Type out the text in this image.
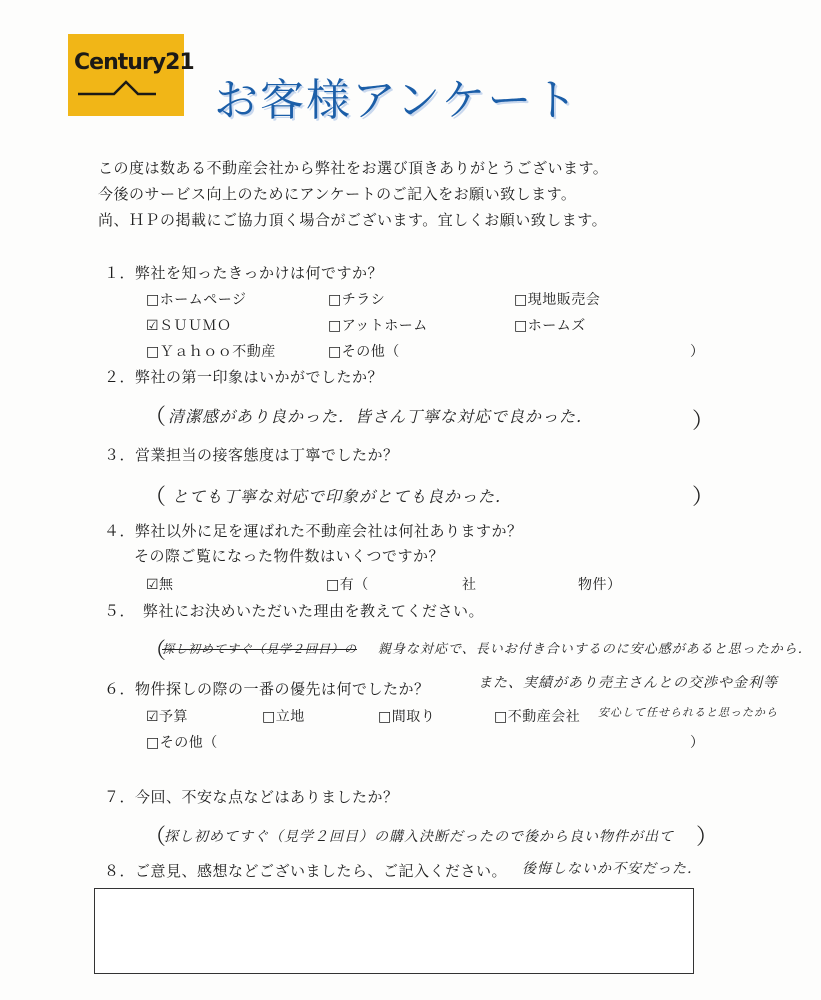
Century21
お客様アンケート
この度は数ある不動産会社から弊社をお選び頂きありがとうございます。
今後のサービス向上のためにアンケートのご記入をお願い致します。
尚、ＨＰの掲載にご協力頂く場合がございます。宜しくお願い致します。
１．弊社を知ったきっかけは何ですか？
□ホームページ	□チラシ	□現地販売会
☑ＳＵＵＭＯ	□アットホーム	□ホームズ
□Ｙａｈｏｏ不動産	□その他（	）
２．弊社の第一印象はいかがでしたか？
（ 清潔感があり良かった．皆さん丁寧な対応で良かった．	）
３．営業担当の接客態度は丁寧でしたか？
（ とても丁寧な対応で印象がとても良かった．	）
４．弊社以外に足を運ばれた不動産会社は何社ありますか？
その際ご覧になった物件数はいくつですか？
☑無	□有（	社	物件）
５．　弊社にお決めいただいた理由を教えてください。
（
探し初めてすぐ（見学２回目）の 親身な対応で、長いお付き合いするのに安心感があると思ったから．
６．物件探しの際の一番の優先は何でしたか？	また、実績があり売主さんとの交渉や金利等
☑予算	□立地	□間取り	□不動産会社 安心して任せられると思ったから
□その他（	）
７．今回、不安な点などはありましたか？
（
探し初めてすぐ（見学２回目）の購入決断だったので後から良い物件が出て ）
８．ご意見、感想などございましたら、ご記入ください。 後悔しないか不安だった．
